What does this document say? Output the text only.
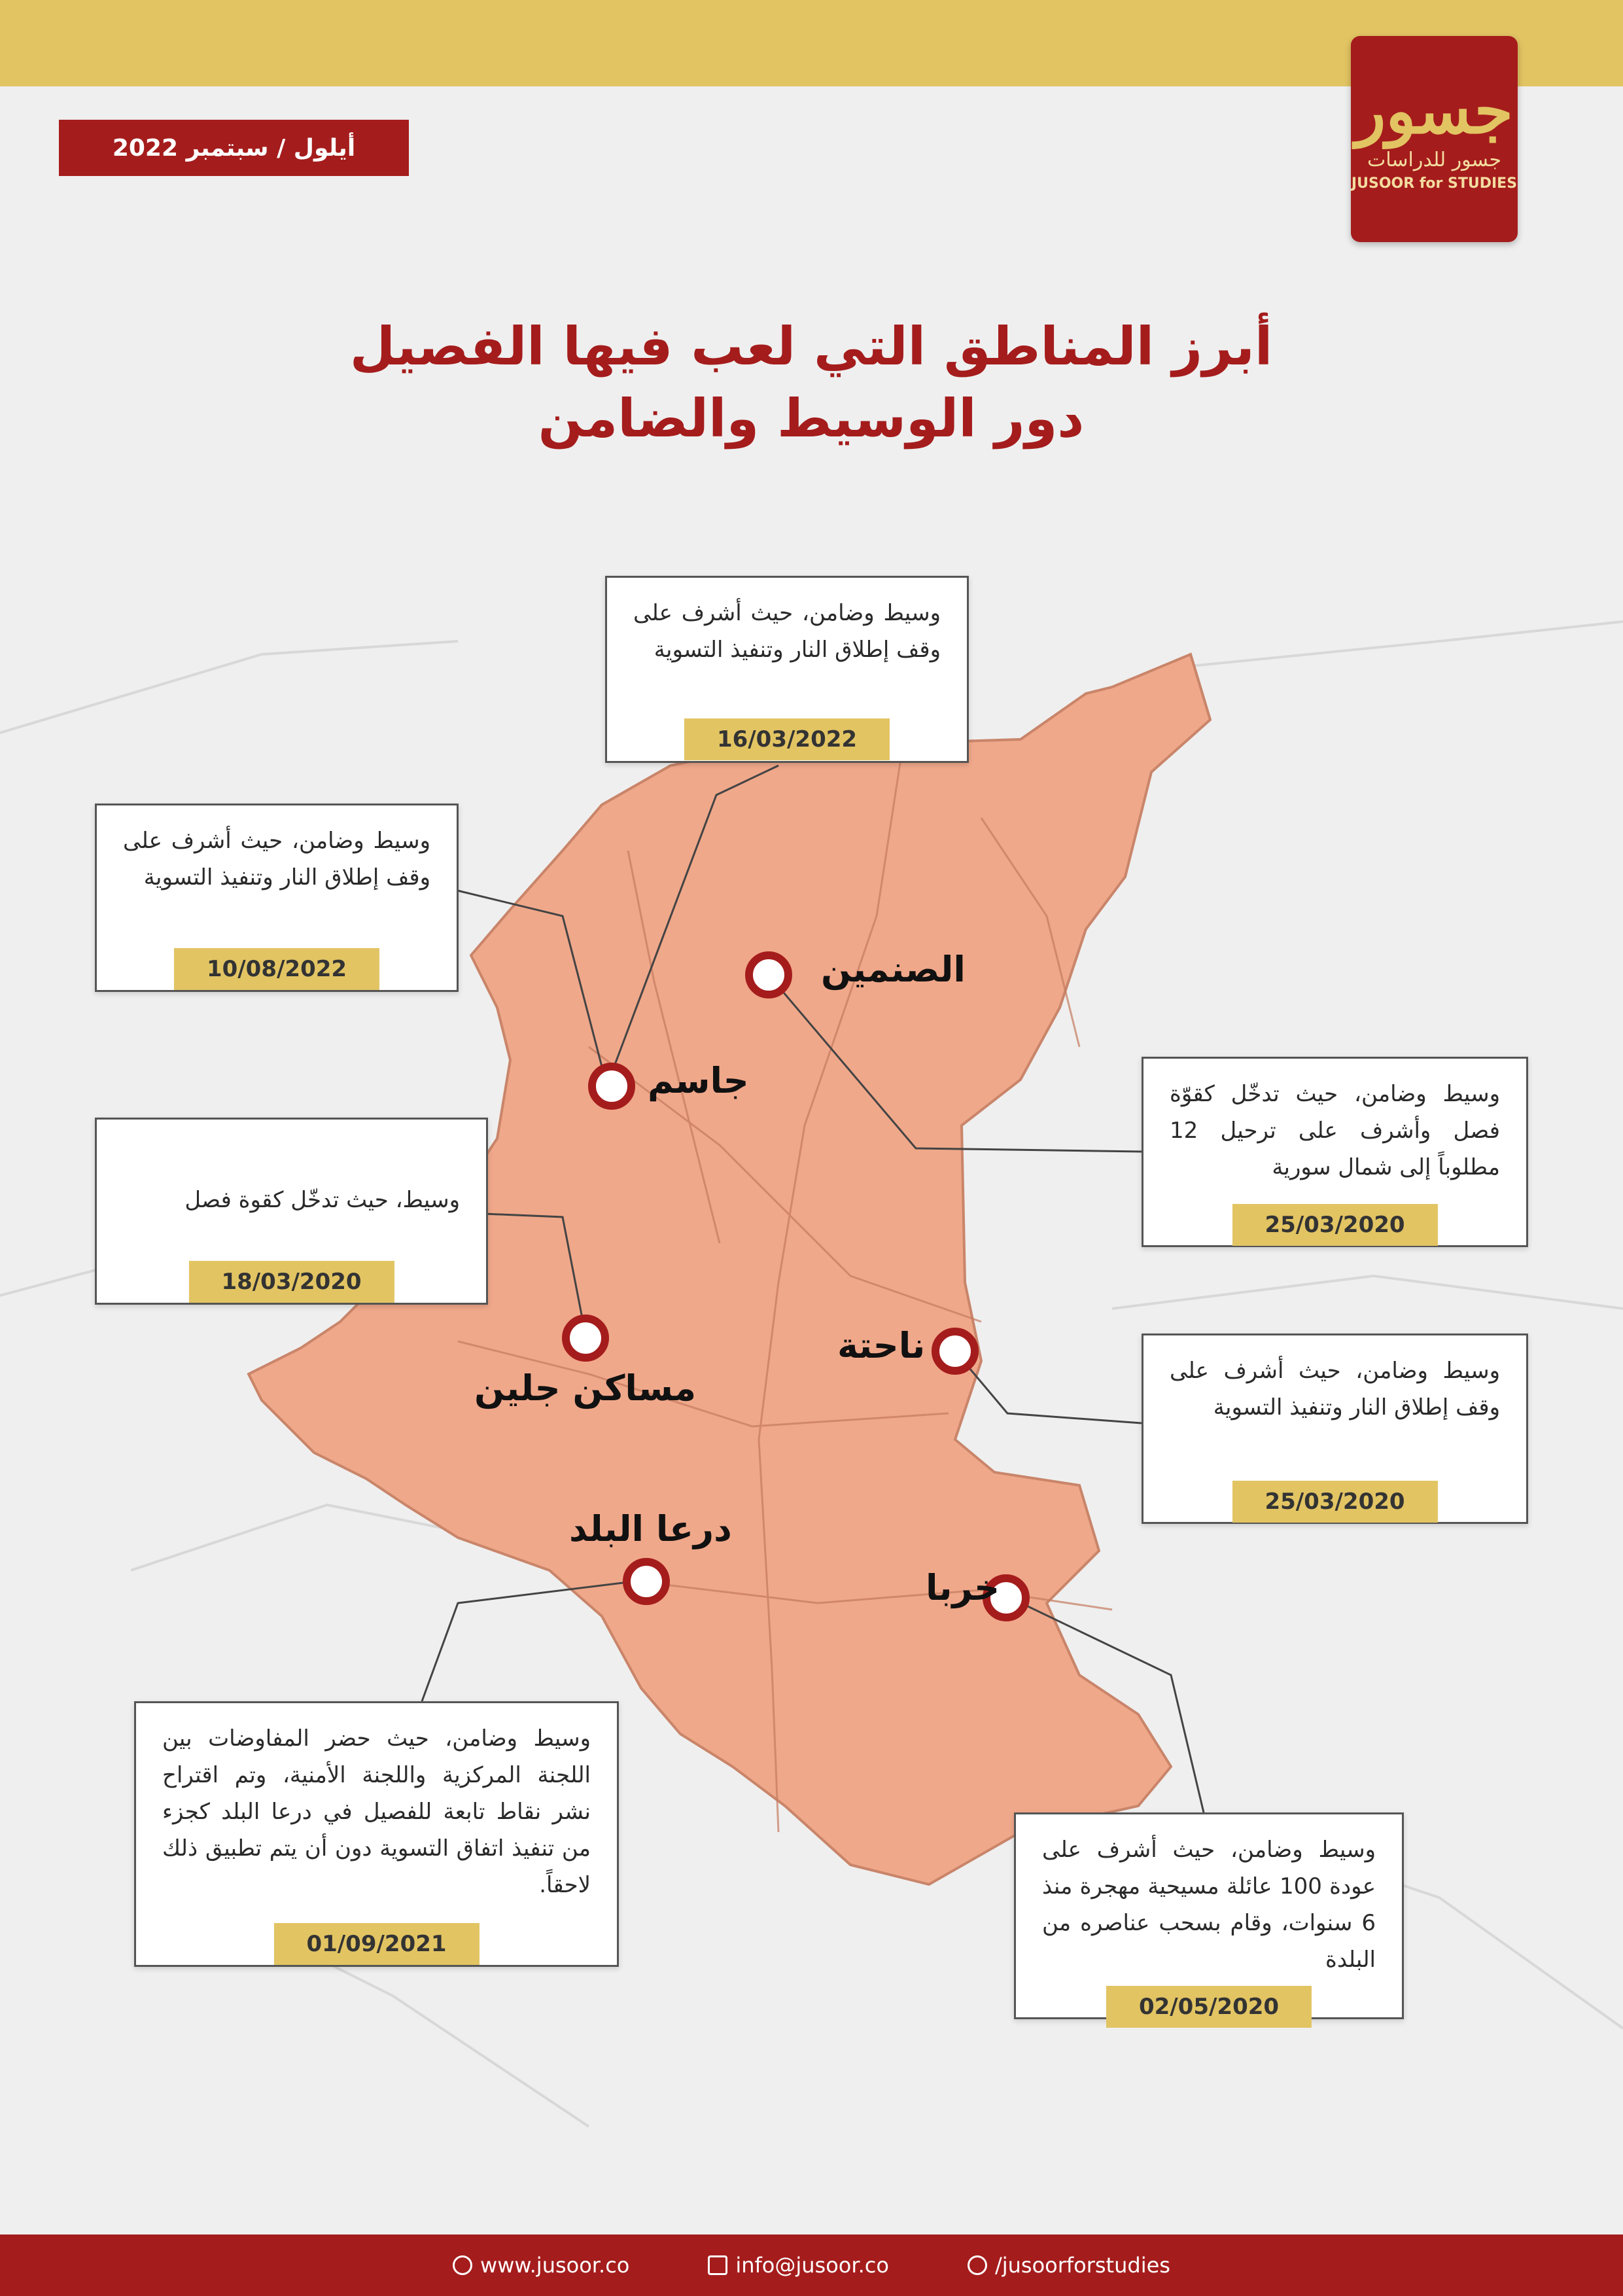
جسور
جسور للدراسات
JUSOOR for STUDIES
أيلول / سبتمبر 2022
أبرز المناطق التي لعب فيها الفصيل
دور الوسيط والضامن
الصنمين
جاسم
مساكن جلين
ناحتة
درعا البلد
خربا
وسيط وضامن، حيث أشرف على وقف إطلاق النار وتنفيذ التسوية
16/03/2022
وسيط وضامن، حيث أشرف على وقف إطلاق النار وتنفيذ التسوية
10/08/2022
وسيط وضامن، حيث تدخّل كقوّة فصل وأشرف على ترحيل 12 مطلوباً إلى شمال سورية
25/03/2020
وسيط، حيث تدخّل كقوة فصل
18/03/2020
وسيط وضامن، حيث أشرف على وقف إطلاق النار وتنفيذ التسوية
25/03/2020
وسيط وضامن، حيث حضر المفاوضات بين اللجنة المركزية واللجنة الأمنية، وتم اقتراح نشر نقاط تابعة للفصيل في درعا البلد كجزء من تنفيذ اتفاق التسوية دون أن يتم تطبيق ذلك لاحقاً.
01/09/2021
وسيط وضامن، حيث أشرف على عودة 100 عائلة مسيحية مهجرة منذ 6 سنوات، وقام بسحب عناصره من البلدة
02/05/2020
www.jusoor.co	info@jusoor.co	/jusoorforstudies
